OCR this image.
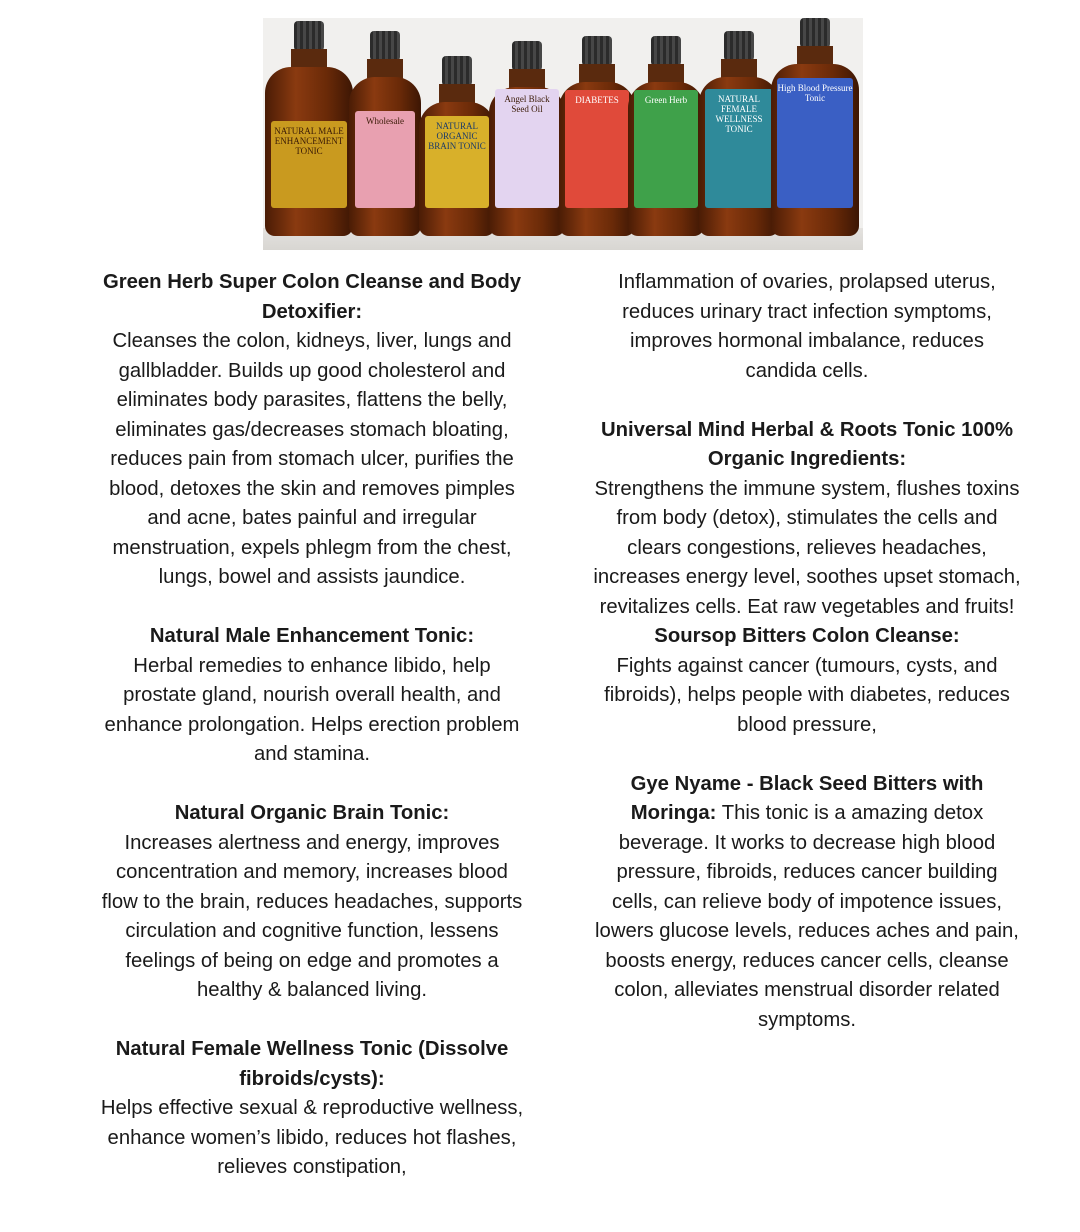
NATURAL MALE ENHANCEMENT TONIC
Wholesale	NATURAL ORGANIC BRAIN TONIC
Angel Black Seed Oil
DIABETES	Green Herb	NATURAL FEMALE WELLNESS TONIC
High Blood Pressure Tonic
Green Herb Super Colon Cleanse and Body Detoxifier:
Cleanses the colon, kidneys, liver, lungs and gallbladder. Builds up good cholesterol and eliminates body parasites, flattens the belly, eliminates gas/decreases stomach bloating, reduces pain from stomach ulcer, purifies the blood, detoxes the skin and removes pimples and acne, bates painful and irregular menstruation, expels phlegm from the chest, lungs, bowel and assists jaundice.
Natural Male Enhancement Tonic:
Herbal remedies to enhance libido, help prostate gland, nourish overall health, and enhance prolongation. Helps erection problem and stamina.
Natural Organic Brain Tonic:
Increases alertness and energy, improves concentration and memory, increases blood flow to the brain, reduces headaches, supports circulation and cognitive function, lessens feelings of being on edge and promotes a healthy & balanced living.
Natural Female Wellness Tonic (Dissolve fibroids/cysts):
Helps effective sexual & reproductive wellness, enhance women’s libido, reduces hot flashes, relieves constipation,
Inflammation of ovaries, prolapsed uterus, reduces urinary tract infection symptoms, improves hormonal imbalance, reduces candida cells.
Universal Mind Herbal & Roots Tonic 100% Organic Ingredients:
Strengthens the immune system, flushes toxins from body (detox), stimulates the cells and clears congestions, relieves headaches, increases energy level, soothes upset stomach, revitalizes cells. Eat raw vegetables and fruits!
Soursop Bitters Colon Cleanse:
Fights against cancer (tumours, cysts, and fibroids), helps people with diabetes, reduces blood pressure,
Gye Nyame - Black Seed Bitters with Moringa: This tonic is a amazing detox beverage. It works to decrease high blood pressure, fibroids, reduces cancer building cells, can relieve body of impotence issues, lowers glucose levels, reduces aches and pain, boosts energy, reduces cancer cells, cleanse colon, alleviates menstrual disorder related symptoms.
